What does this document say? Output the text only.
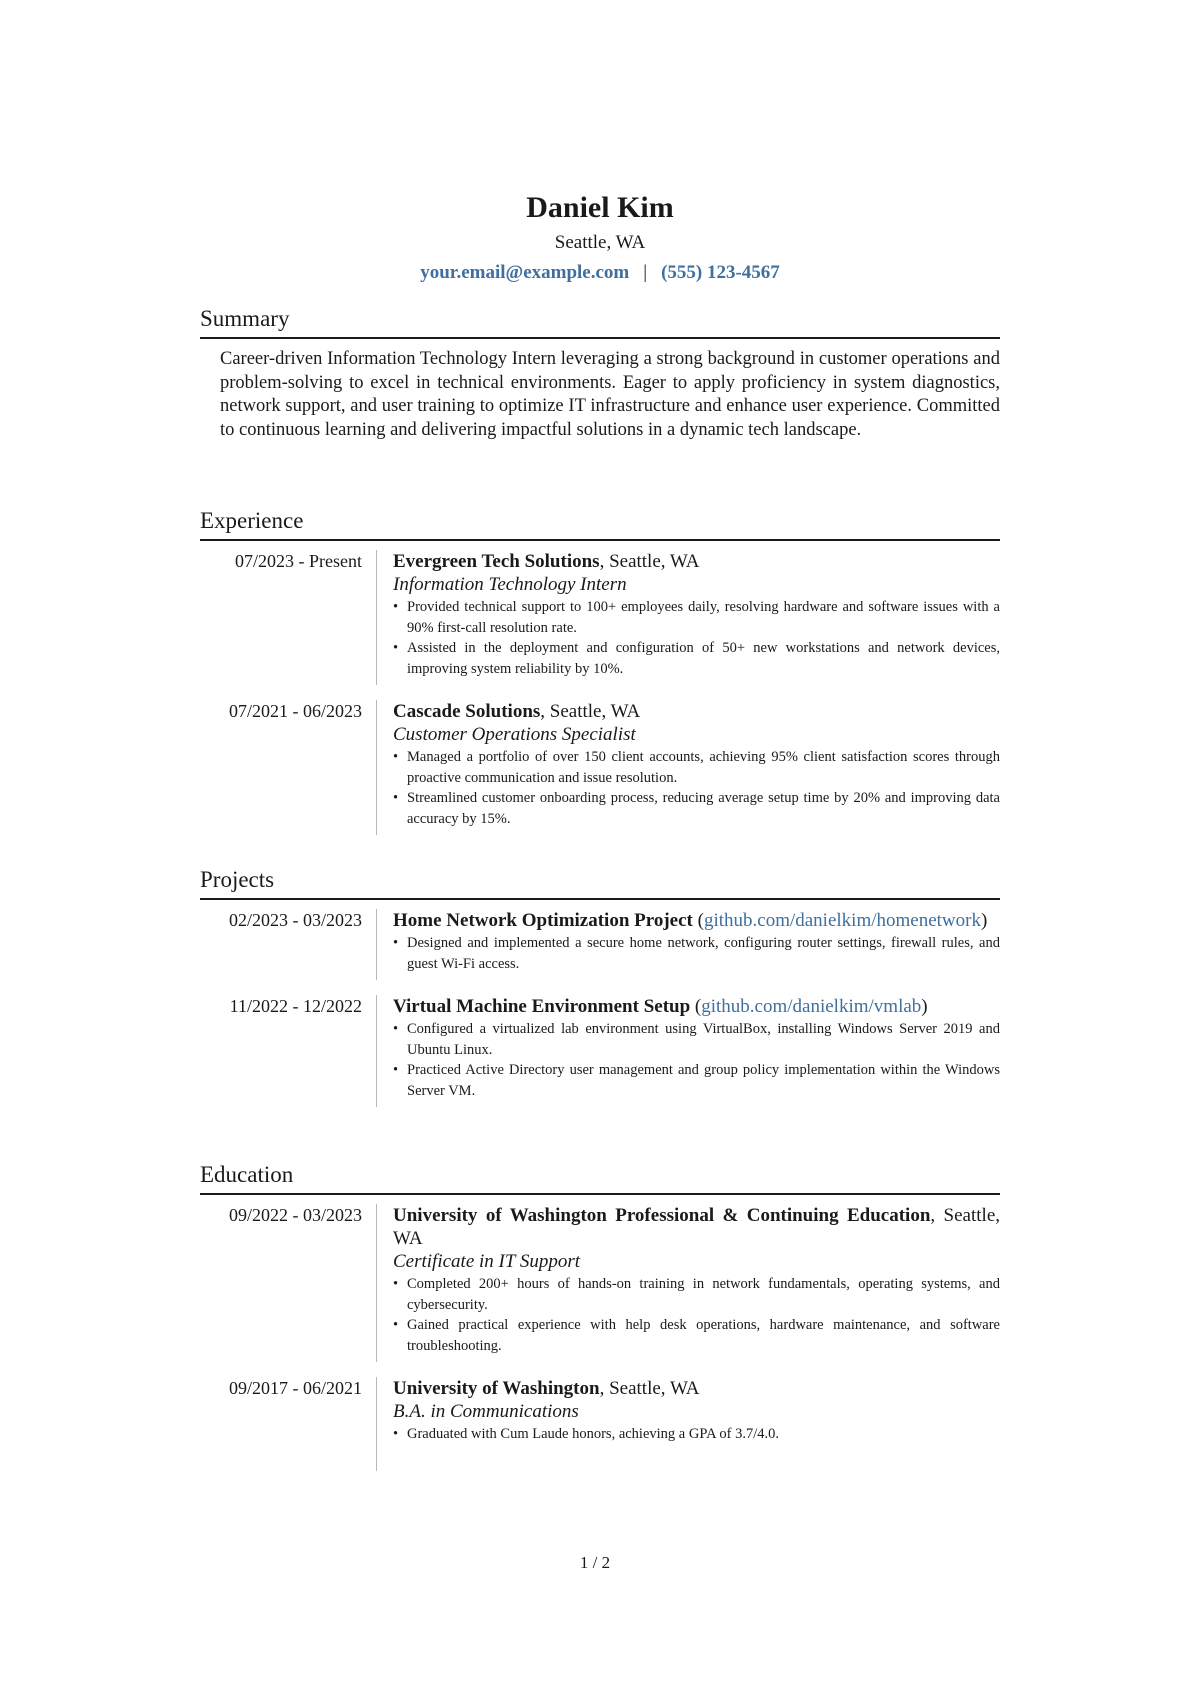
Daniel Kim
Seattle, WA
your.email@example.com | (555) 123-4567
Summary
Career-driven Information Technology Intern leveraging a strong background in customer operations and problem-solving to excel in technical environments. Eager to apply proficiency in system diagnostics, network support, and user training to optimize IT infrastructure and enhance user experience. Committed to continuous learning and delivering impactful solutions in a dynamic tech landscape.
Experience
07/2023 - Present	Evergreen Tech Solutions, Seattle, WA
Information Technology Intern
• Provided technical support to 100+ employees daily, resolving hardware and software issues with a 90% first-call resolution rate.
• Assisted in the deployment and configuration of 50+ new workstations and network devices, improving system reliability by 10%.
07/2021 - 06/2023	Cascade Solutions, Seattle, WA
Customer Operations Specialist
• Managed a portfolio of over 150 client accounts, achieving 95% client satisfaction scores through proactive communication and issue resolution.
• Streamlined customer onboarding process, reducing average setup time by 20% and improving data accuracy by 15%.
Projects
02/2023 - 03/2023	Home Network Optimization Project (github.com/danielkim/homenetwork)
• Designed and implemented a secure home network, configuring router settings, firewall rules, and guest Wi-Fi access.
11/2022 - 12/2022	Virtual Machine Environment Setup (github.com/danielkim/vmlab)
• Configured a virtualized lab environment using VirtualBox, installing Windows Server 2019 and Ubuntu Linux.
• Practiced Active Directory user management and group policy implementation within the Windows Server VM.
Education
09/2022 - 03/2023	University of Washington Professional & Continuing Education, Seattle, WA
Certificate in IT Support
• Completed 200+ hours of hands-on training in network fundamentals, operating systems, and cybersecurity.
• Gained practical experience with help desk operations, hardware maintenance, and software troubleshooting.
09/2017 - 06/2021	University of Washington, Seattle, WA
B.A. in Communications
• Graduated with Cum Laude honors, achieving a GPA of 3.7/4.0.
1 / 2
